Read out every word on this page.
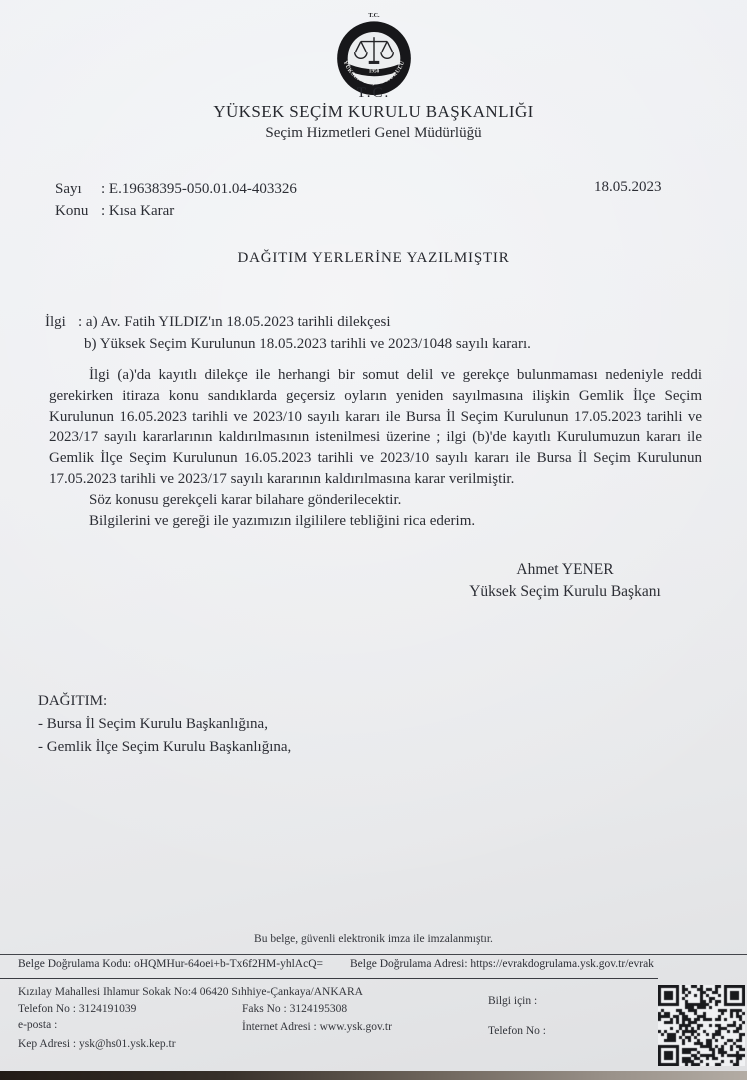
T.C.
1950
YÜKSEK SEÇİM KURULU
T.C.
YÜKSEK SEÇİM KURULU BAŞKANLIĞI
Seçim Hizmetleri Genel Müdürlüğü
Sayı : E.19638395-050.01.04-403326
Konu : Kısa Karar
18.05.2023
DAĞITIM YERLERİNE YAZILMIŞTIR
İlgi : a) Av. Fatih YILDIZ'ın 18.05.2023 tarihli dilekçesi
b) Yüksek Seçim Kurulunun 18.05.2023 tarihli ve 2023/1048 sayılı kararı.

İlgi (a)'da kayıtlı dilekçe ile herhangi bir somut delil ve gerekçe bulunmaması nedeniyle reddi gerekirken itiraza konu sandıklarda geçersiz oyların yeniden sayılmasına ilişkin Gemlik İlçe Seçim Kurulunun 16.05.2023 tarihli ve 2023/10 sayılı kararı ile Bursa İl Seçim Kurulunun 17.05.2023 tarihli ve 2023/17 sayılı kararlarının kaldırılmasının istenilmesi üzerine ; ilgi (b)'de kayıtlı Kurulumuzun kararı ile Gemlik İlçe Seçim Kurulunun 16.05.2023 tarihli ve 2023/10 sayılı kararı ile Bursa İl Seçim Kurulunun 17.05.2023 tarihli ve 2023/17 sayılı kararının kaldırılmasına karar verilmiştir.

Söz konusu gerekçeli karar bilahare gönderilecektir.

Bilgilerini ve gereği ile yazımızın ilgililere tebliğini rica ederim.

Ahmet YENER
Yüksek Seçim Kurulu Başkanı
DAĞITIM:
- Bursa İl Seçim Kurulu Başkanlığına,
- Gemlik İlçe Seçim Kurulu Başkanlığına,
Bu belge, güvenli elektronik imza ile imzalanmıştır.
Belge Doğrulama Kodu: oHQMHur-64oei+b-Tx6f2HM-yhlAcQ= Belge Doğrulama Adresi: https://evrakdogrulama.ysk.gov.tr/evrak
Kızılay Mahallesi Ihlamur Sokak No:4 06420 Sıhhiye-Çankaya/ANKARA
Telefon No : 3124191039	Faks No : 3124195308
e-posta :	İnternet Adresi : www.ysk.gov.tr
Kep Adresi : ysk@hs01.ysk.kep.tr
Bilgi için :
Telefon No :
